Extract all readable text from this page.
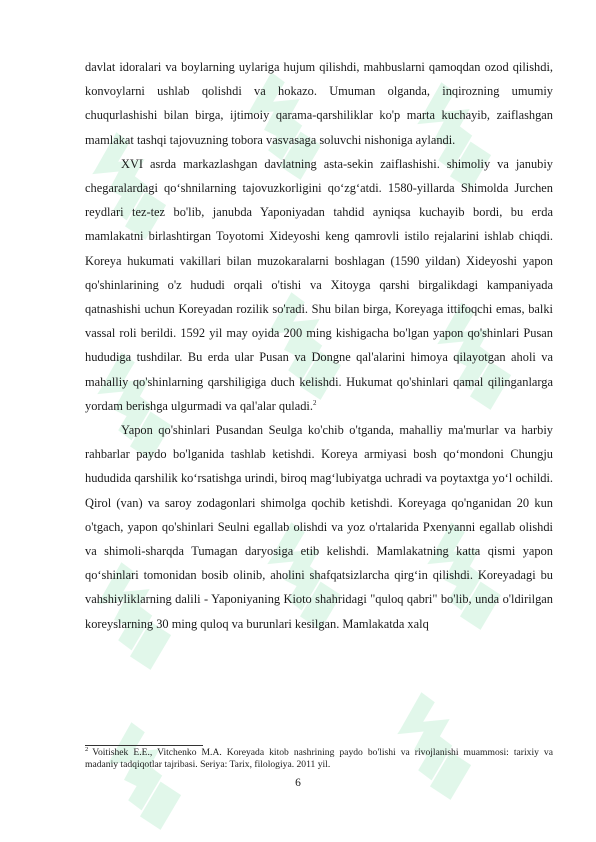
davlat idoralari va boylarning uylariga hujum qilishdi, mahbuslarni qamoqdan ozod qilishdi, konvoylarni ushlab qolishdi va hokazo. Umuman olganda, inqirozning umumiy chuqurlashishi bilan birga, ijtimoiy qarama-qarshiliklar ko'p marta kuchayib, zaiflashgan mamlakat tashqi tajovuzning tobora vasvasaga soluvchi nishoniga aylandi.

XVI asrda markazlashgan davlatning asta-sekin zaiflashishi. shimoliy va janubiy chegaralardagi qo‘shnilarning tajovuzkorligini qo‘zg‘atdi. 1580-yillarda Shimolda Jurchen reydlari tez-tez bo'lib, janubda Yaponiyadan tahdid ayniqsa kuchayib bordi, bu erda mamlakatni birlashtirgan Toyotomi Xideyoshi keng qamrovli istilo rejalarini ishlab chiqdi. Koreya hukumati vakillari bilan muzokaralarni boshlagan (1590 yildan) Xideyoshi yapon qo'shinlarining o'z hududi orqali o'tishi va Xitoyga qarshi birgalikdagi kampaniyada qatnashishi uchun Koreyadan rozilik so'radi. Shu bilan birga, Koreyaga ittifoqchi emas, balki vassal roli berildi. 1592 yil may oyida 200 ming kishigacha bo'lgan yapon qo'shinlari Pusan hududiga tushdilar. Bu erda ular Pusan va Dongne qal'alarini himoya qilayotgan aholi va mahalliy qo'shinlarning qarshiligiga duch kelishdi. Hukumat qo'shinlari qamal qilinganlarga yordam berishga ulgurmadi va qal'alar quladi.$^2$

Yapon qo'shinlari Pusandan Seulga ko'chib o'tganda, mahalliy ma'murlar va harbiy rahbarlar paydo bo'lganida tashlab ketishdi. Koreya armiyasi bosh qo‘mondoni Chungju hududida qarshilik ko‘rsatishga urindi, biroq mag‘lubiyatga uchradi va poytaxtga yo‘l ochildi. Qirol (van) va saroy zodagonlari shimolga qochib ketishdi. Koreyaga qo'nganidan 20 kun o'tgach, yapon qo'shinlari Seulni egallab olishdi va yoz o'rtalarida Pxenyanni egallab olishdi va shimoli-sharqda Tumagan daryosiga etib kelishdi. Mamlakatning katta qismi yapon qo‘shinlari tomonidan bosib olinib, aholini shafqatsizlarcha qirg‘in qilishdi. Koreyadagi bu vahshiyliklarning dalili - Yaponiyaning Kioto shahridagi "quloq qabri" bo'lib, unda o'ldirilgan koreyslarning 30 ming quloq va burunlari kesilgan. Mamlakatda xalq

$^2$ Voitishek E.E., Vitchenko M.A. Koreyada kitob nashrining paydo bo'lishi va rivojlanishi muammosi: tarixiy va madaniy tadqiqotlar tajribasi. Seriya: Tarix, filologiya. 2011 yil.
6
